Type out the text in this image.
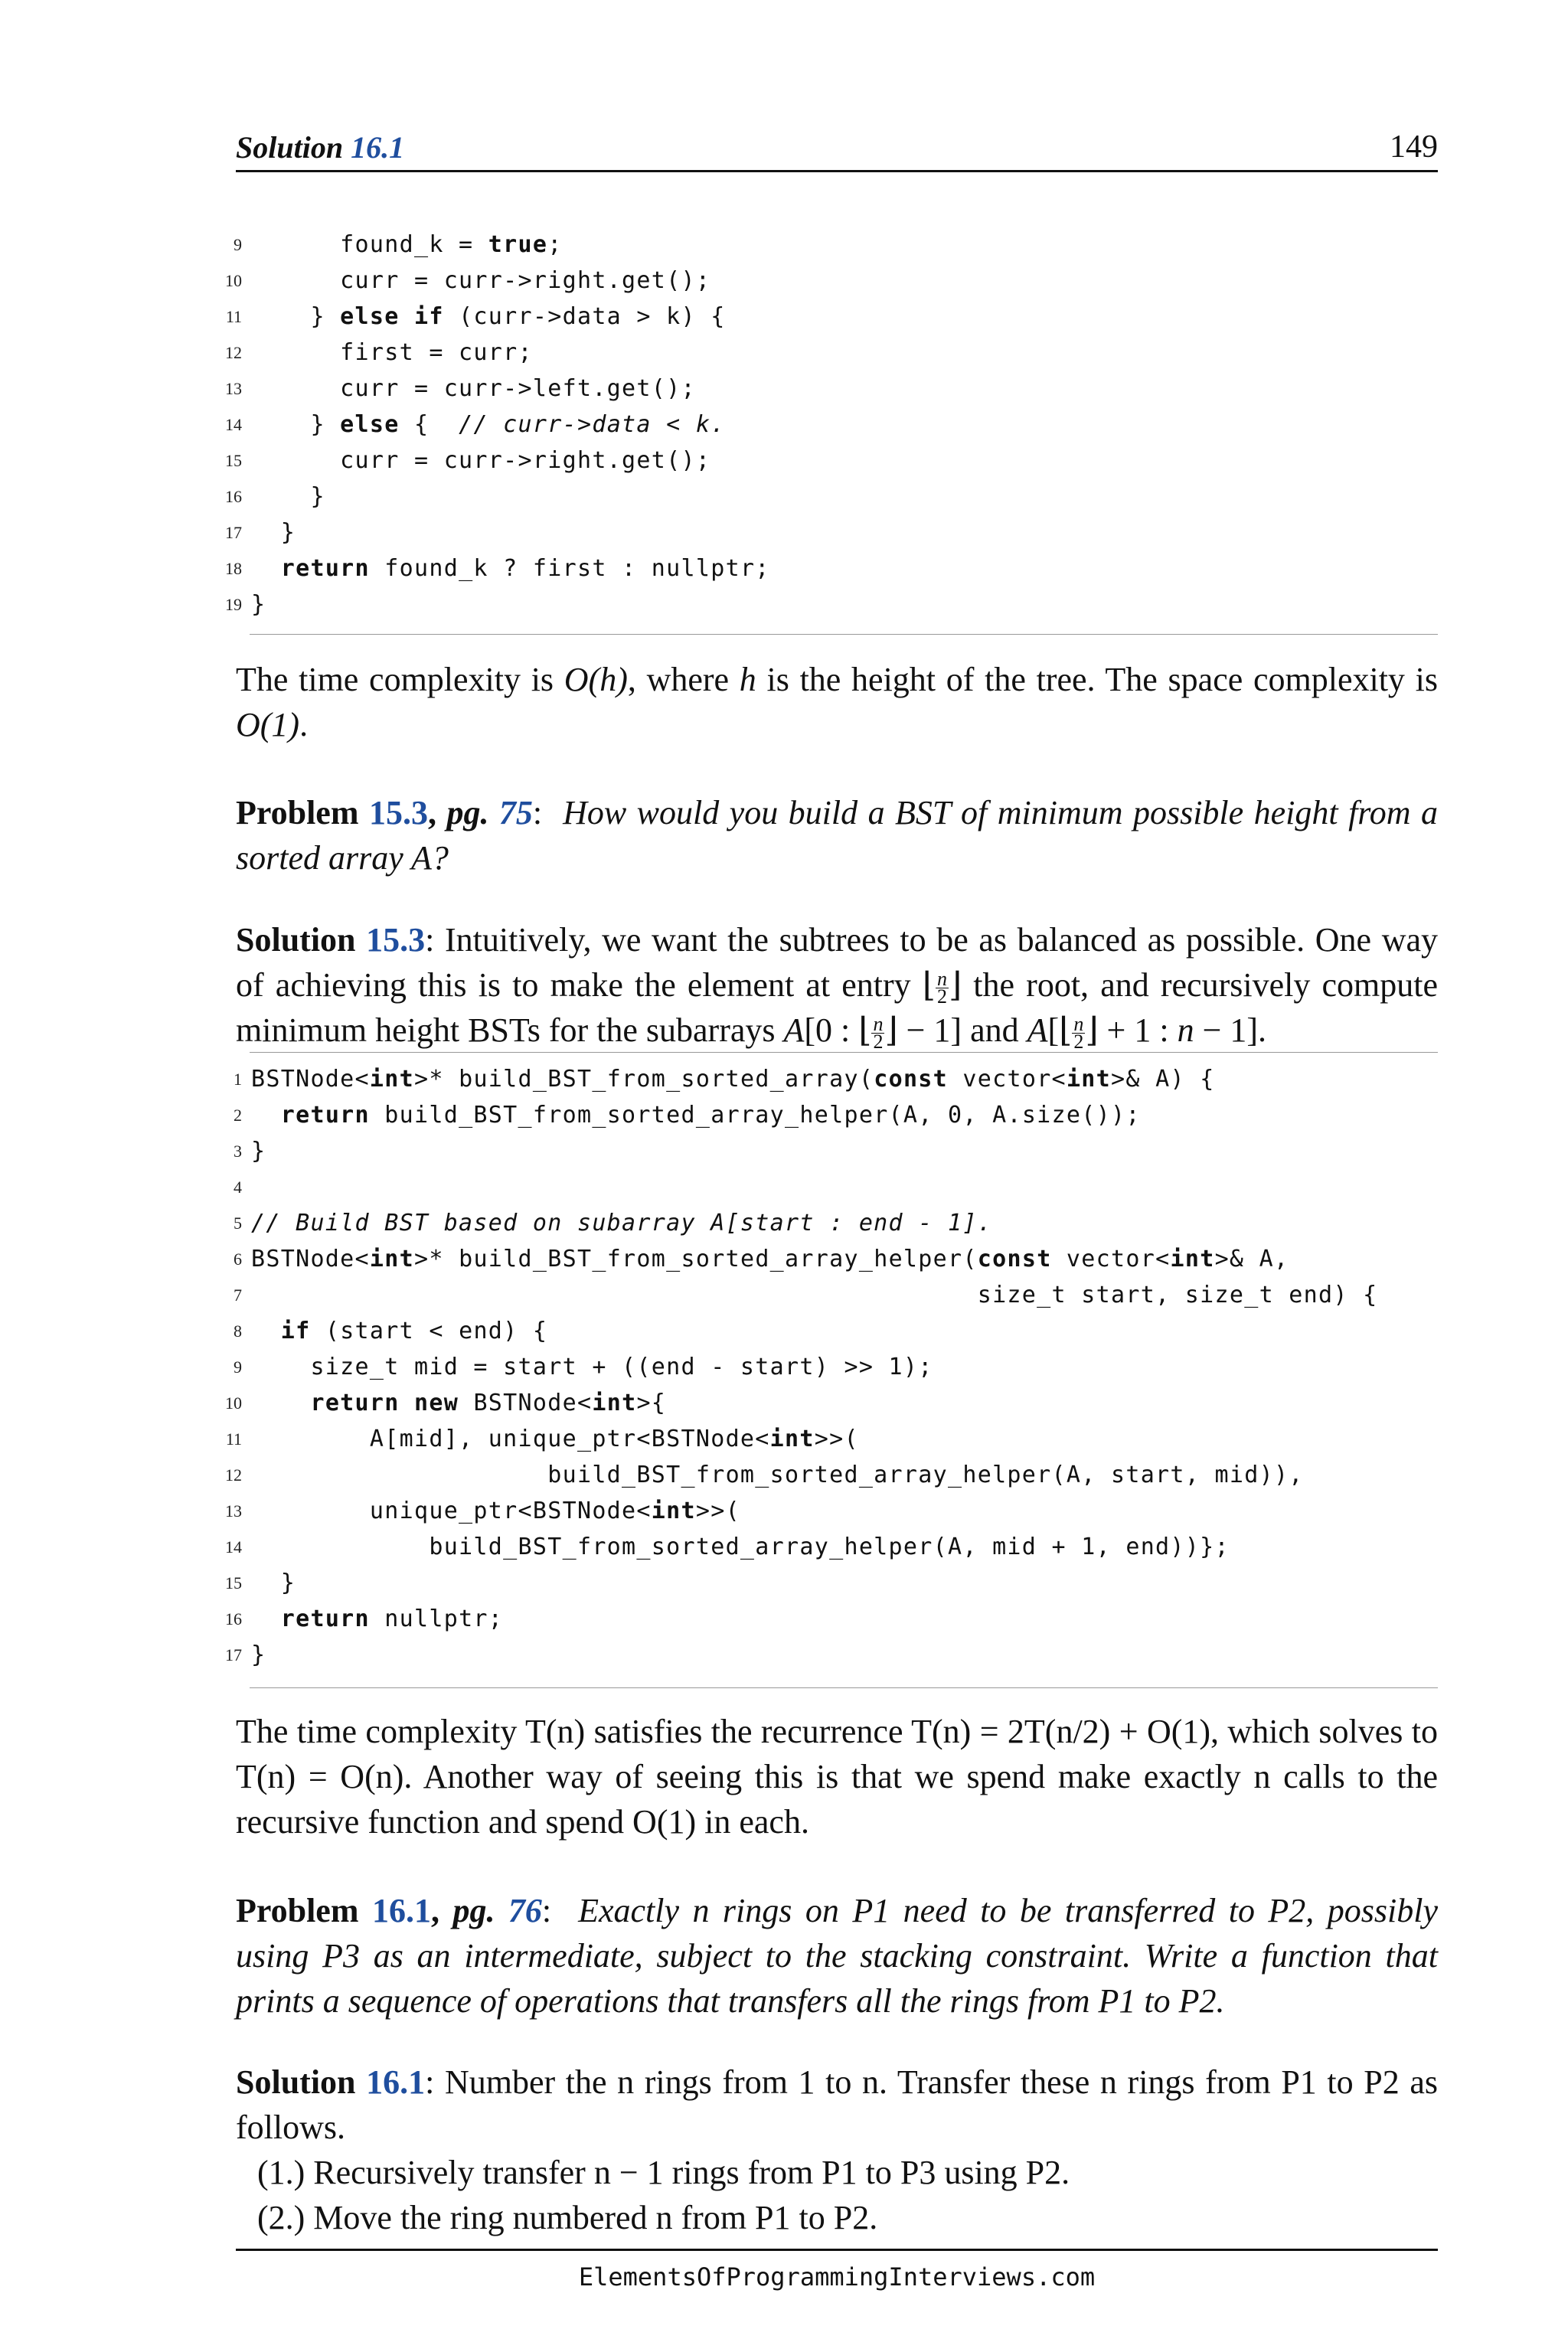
Solution 16.1	149
9 found_k = true;
10 curr = curr->right.get();
11 } else if (curr->data > k) {
12 first = curr;
13 curr = curr->left.get();
14 } else {  // curr->data < k.
15 curr = curr->right.get();
16 }
17 }
18	return found_k ? first : nullptr;
19 }
The time complexity is O(h), where h is the height of the tree. The space complexity is O(1).
Problem 15.3, pg. 75:  How would you build a BST of minimum possible height from a sorted array A?
Solution 15.3: Intuitively, we want the subtrees to be as balanced as possible. One way of achieving this is to make the element at entry ⌊ $\frac{n}{2}$ ⌋ the root, and recursively compute minimum height BSTs for the subarrays A[0 : ⌊ $\frac{n}{2}$ ⌋ − 1] and A[⌊ $\frac{n}{2}$ ⌋ + 1 : n − 1].
1 BSTNode<int>* build_BST_from_sorted_array(const vector<int>& A) {
2	return build_BST_from_sorted_array_helper(A, 0, A.size());
3 }
4
5 // Build BST based on subarray A[start : end - 1].
6 BSTNode<int>* build_BST_from_sorted_array_helper(const vector<int>& A,
7 size_t start, size_t end) {
8	if (start < end) {
9 size_t mid = start + ((end - start) >> 1);
10	return new BSTNode<int>{
11 A[mid], unique_ptr<BSTNode<int>>(
12 build_BST_from_sorted_array_helper(A, start, mid)),
13 unique_ptr<BSTNode<int>>(
14 build_BST_from_sorted_array_helper(A, mid + 1, end))};
15 }
16	return nullptr;
17 }
The time complexity T(n) satisfies the recurrence T(n) = 2T(n/2) + O(1), which solves to T(n) = O(n). Another way of seeing this is that we spend make exactly n calls to the recursive function and spend O(1) in each.
Problem 16.1, pg. 76:  Exactly n rings on P1 need to be transferred to P2, possibly using P3 as an intermediate, subject to the stacking constraint. Write a function that prints a sequence of operations that transfers all the rings from P1 to P2.
Solution 16.1: Number the n rings from 1 to n. Transfer these n rings from P1 to P2 as follows.
(1.) Recursively transfer n − 1 rings from P1 to P3 using P2.
(2.) Move the ring numbered n from P1 to P2.
ElementsOfProgrammingInterviews.com
